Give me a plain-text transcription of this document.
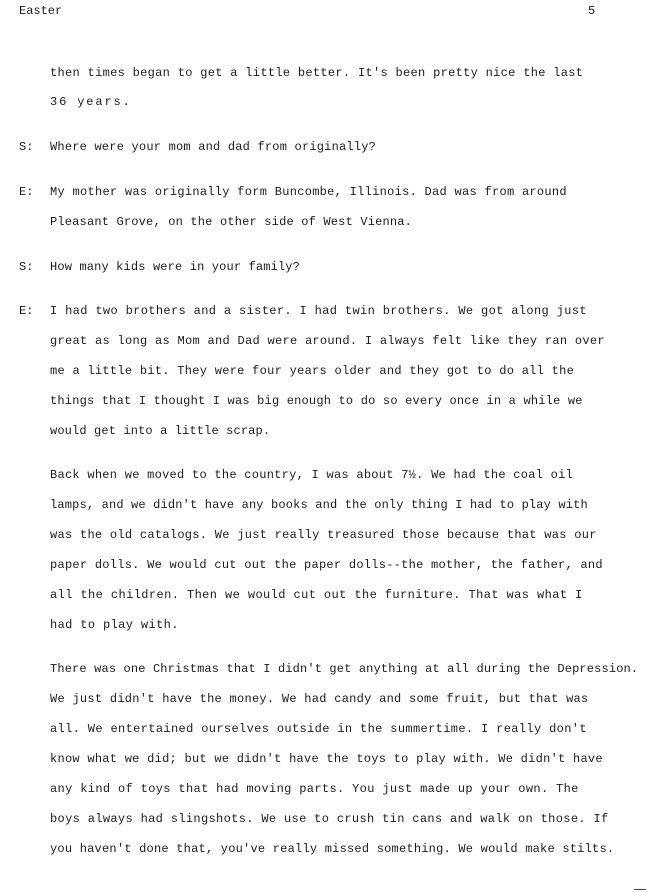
Easter	5
then times began to get a little better. It's been pretty nice the last
36 years.
S: Where were your mom and dad from originally?
E: My mother was originally form Buncombe, Illinois. Dad was from around
Pleasant Grove, on the other side of West Vienna.
S: How many kids were in your family?
E: I had two brothers and a sister. I had twin brothers. We got along just
great as long as Mom and Dad were around. I always felt like they ran over
me a little bit. They were four years older and they got to do all the
things that I thought I was big enough to do so every once in a while we
would get into a little scrap.
Back when we moved to the country, I was about 7½. We had the coal oil
lamps, and we didn't have any books and the only thing I had to play with
was the old catalogs. We just really treasured those because that was our
paper dolls. We would cut out the paper dolls--the mother, the father, and
all the children. Then we would cut out the furniture. That was what I
had to play with.
There was one Christmas that I didn't get anything at all during the Depression.
We just didn't have the money. We had candy and some fruit, but that was
all. We entertained ourselves outside in the summertime. I really don't
know what we did; but we didn't have the toys to play with. We didn't have
any kind of toys that had moving parts. You just made up your own. The
boys always had slingshots. We use to crush tin cans and walk on those. If
you haven't done that, you've really missed something. We would make stilts.
